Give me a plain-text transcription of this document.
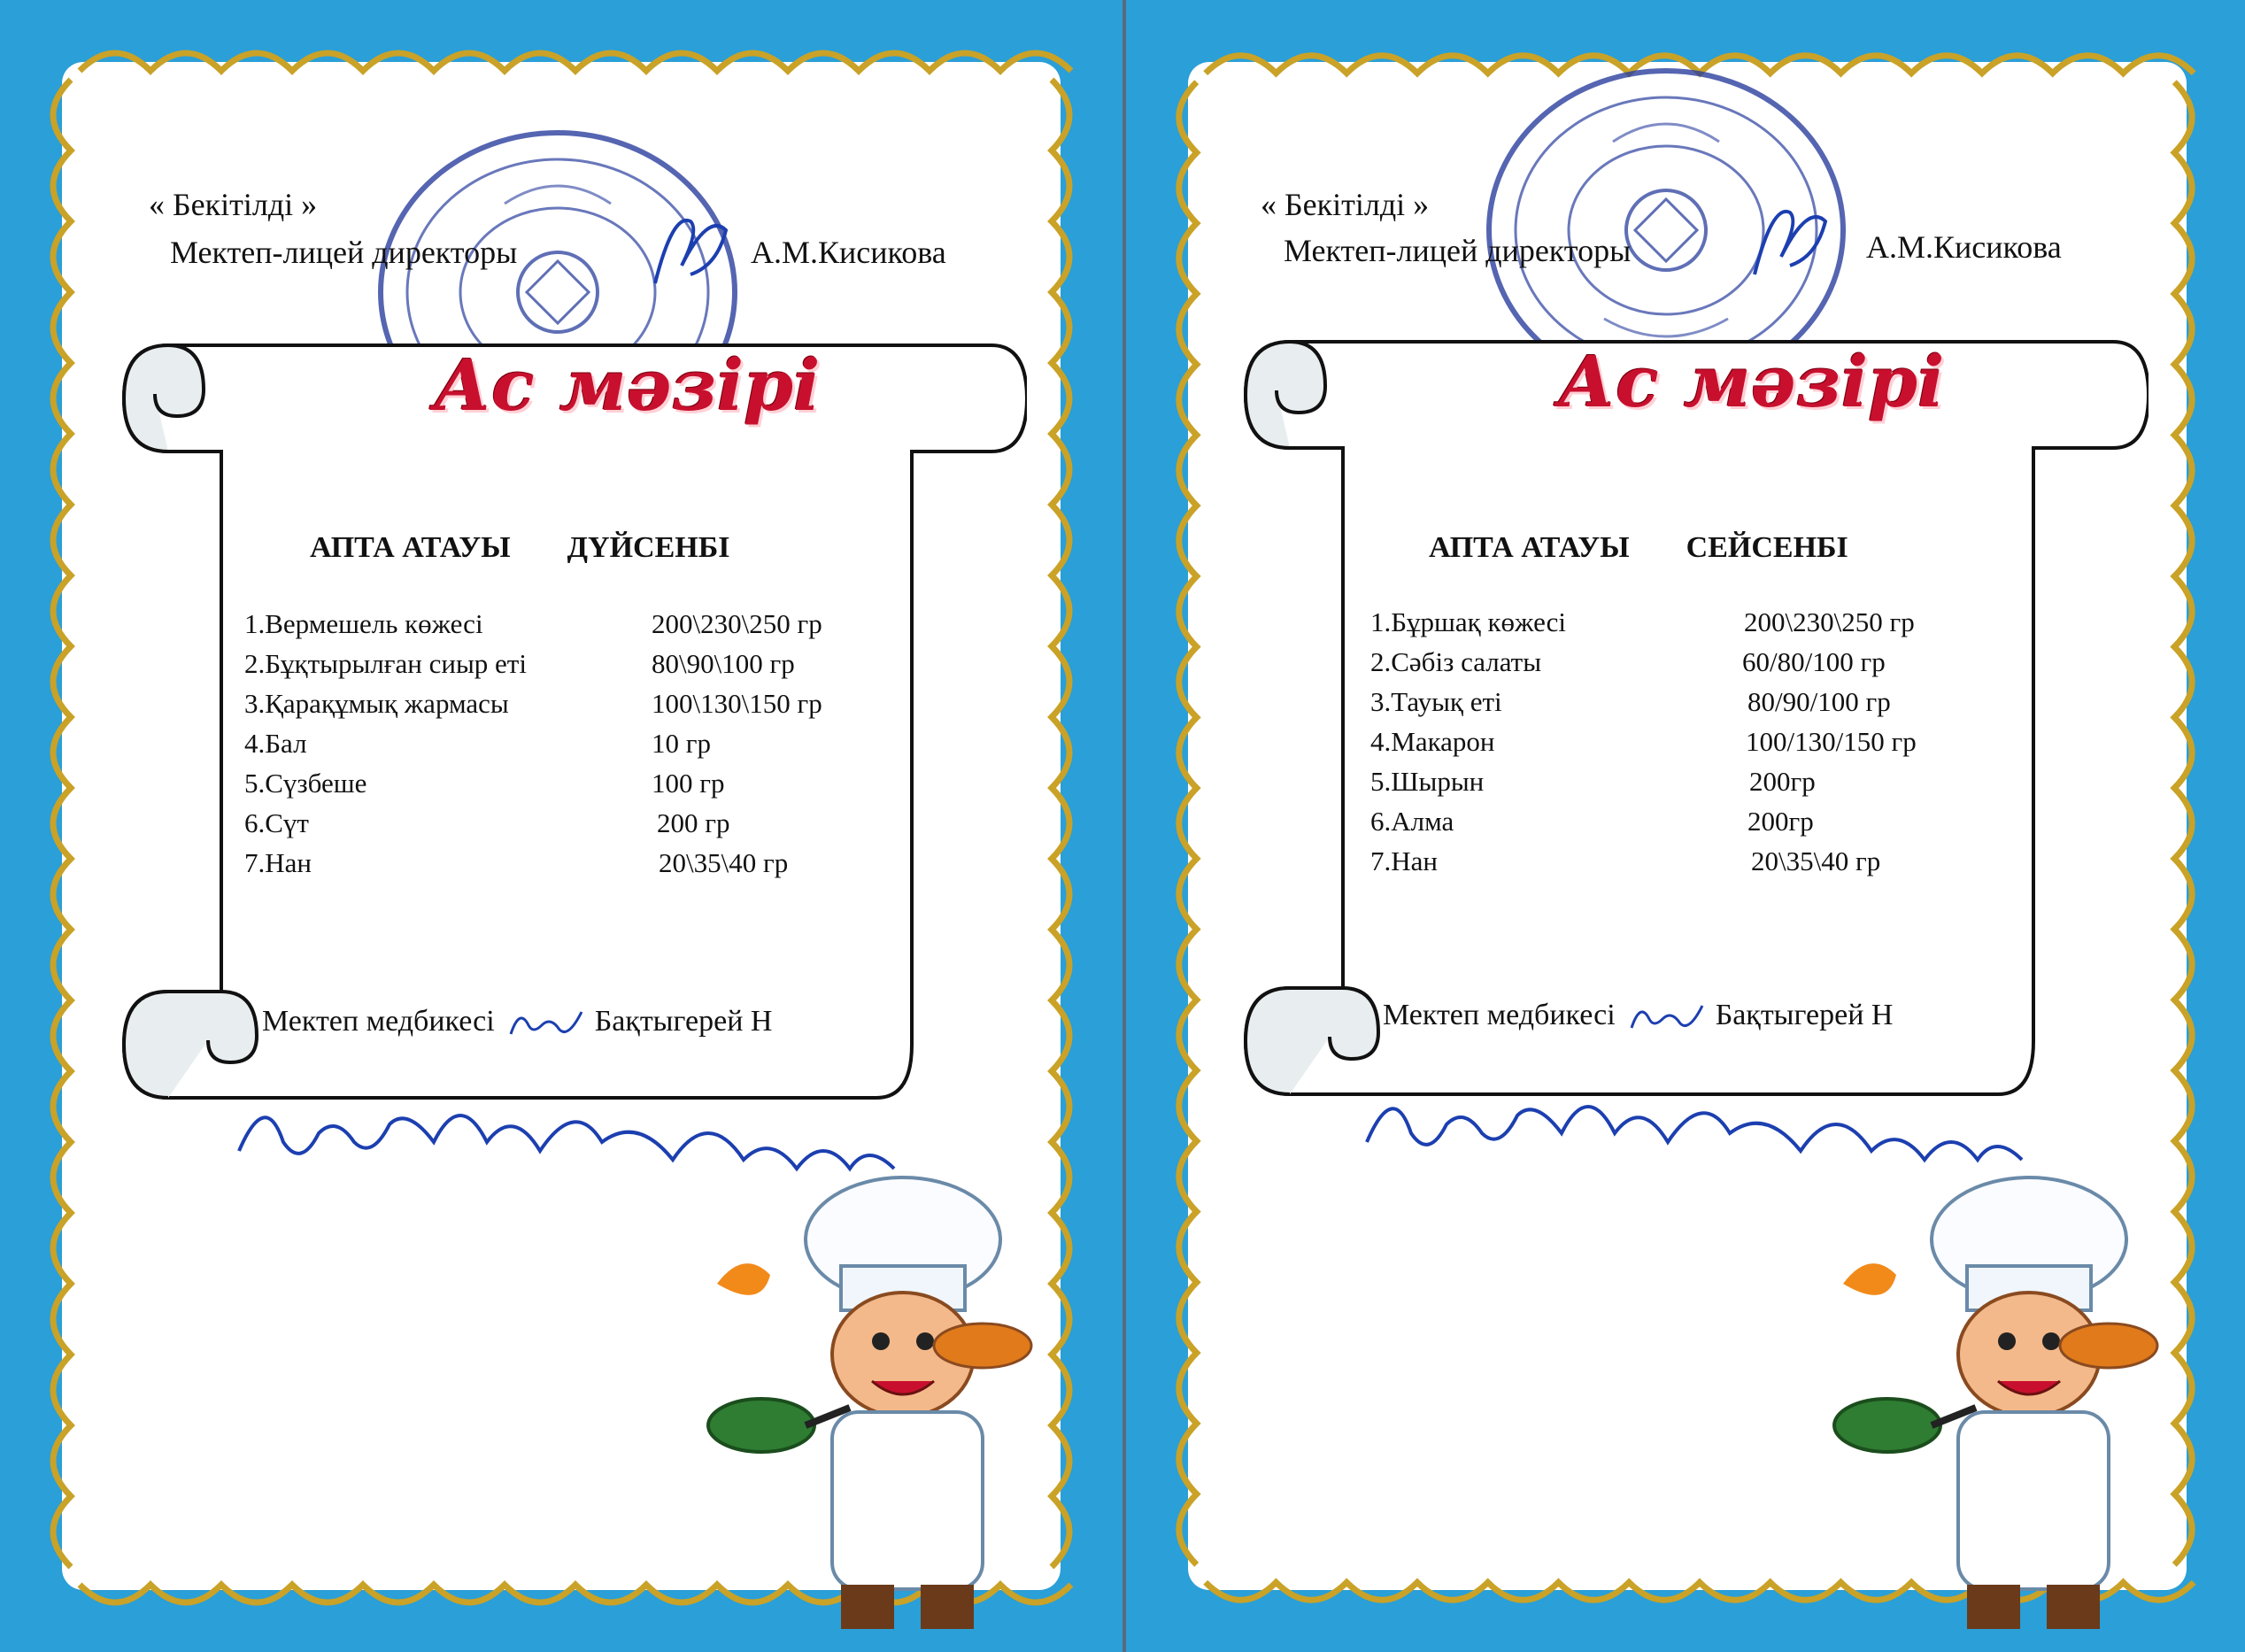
« Бекітілді »
Мектеп-лицей директоры	А.М.Кисикова
Ас мәзірі
АПТА АТАУЫ ДҮЙСЕНБІ
1.Вермешель көжесі	200\230\250 гр
2.Бұқтырылған сиыр еті	80\90\100 гр
3.Қарақұмық жармасы	100\130\150 гр
4.Бал	10 гр
5.Сүзбеше	100 гр
6.Сүт	200 гр
7.Нан	20\35\40 гр
Мектеп медбикесі	Бақтыгерей Н
« Бекітілді »
Мектеп-лицей директоры	А.М.Кисикова
Ас мәзірі
АПТА АТАУЫ СЕЙСЕНБІ
1.Бұршақ көжесі	200\230\250 гр
2.Сәбіз салаты	60/80/100 гр
3.Тауық еті	80/90/100 гр
4.Макарон	100/130/150 гр
5.Шырын	200гр
6.Алма	200гр
7.Нан	20\35\40 гр
Мектеп медбикесі	Бақтыгерей Н
